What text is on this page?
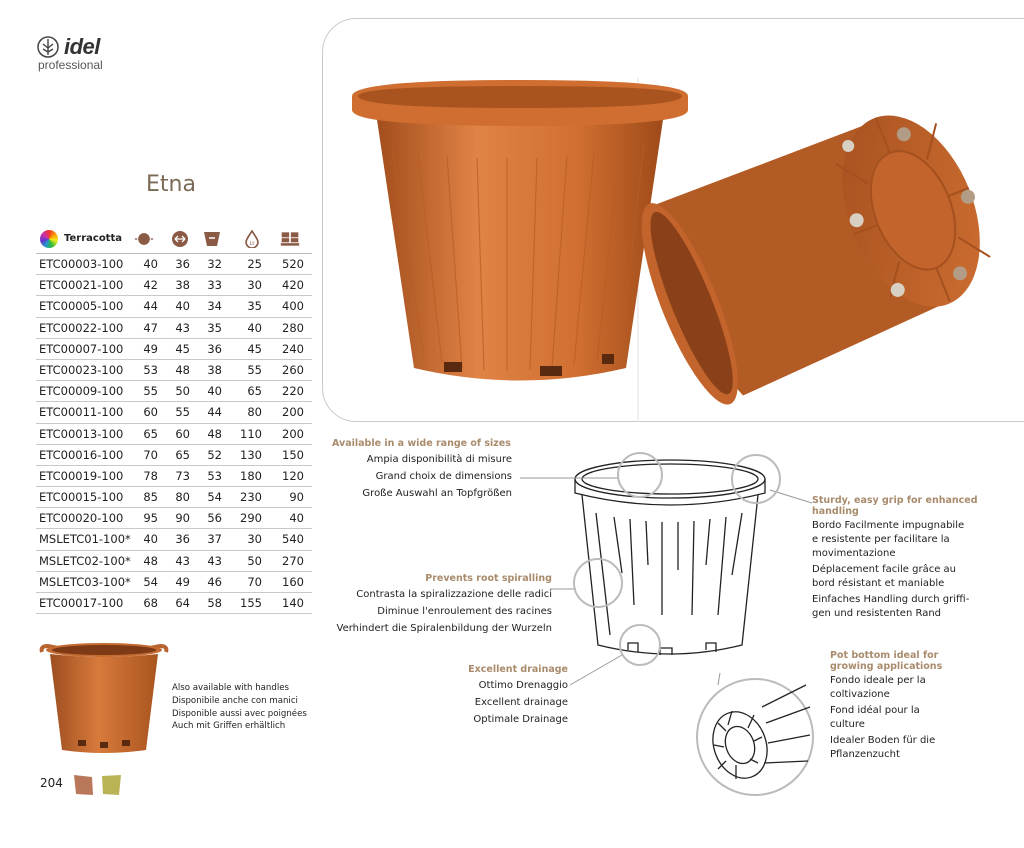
idel
professional
Etna
Terracotta	Lt
ETC00003-100 40 36 32	25	520
ETC00021-100 42 38 33	30	420
ETC00005-100 44 40 34	35	400
ETC00022-100 47 43 35	40	280
ETC00007-100 49 45 36	45	240
ETC00023-100 53 48 38	55	260
ETC00009-100 55 50 40	65	220
ETC00011-100 60 55 44	80	200
ETC00013-100 65 60 48	110	200
ETC00016-100 70 65 52	130	150
ETC00019-100 78 73 53	180	120
ETC00015-100 85 80 54	230	90
ETC00020-100 95 90 56	290	40
MSLETC01-100* 40 36 37	30	540
MSLETC02-100* 48 43 43	50	270
MSLETC03-100* 54 49 46	70	160
ETC00017-100 68 64 58	155	140
Also available with handles
Disponibile anche con manici
Disponible aussi avec poignées
Auch mit Griffen erhältlich
204
Available in a wide range of sizes
Ampia disponibilità di misure
Grand choix de dimensions
Große Auswahl an Topfgrößen
Prevents root spiralling
Contrasta la spiralizzazione delle radici
Diminue l'enroulement des racines
Verhindert die Spiralenbildung der Wurzeln
Excellent drainage
Ottimo Drenaggio
Excellent drainage
Optimale Drainage
Sturdy, easy grip for enhanced
handling
Bordo Facilmente impugnabile
e resistente per facilitare la
movimentazione
Déplacement facile grâce au
bord résistant et maniable
Einfaches Handling durch griffi-
gen und resistenten Rand
Pot bottom ideal for
growing applications
Fondo ideale per la
coltivazione
Fond idéal pour la
culture
Idealer Boden für die
Pflanzenzucht
